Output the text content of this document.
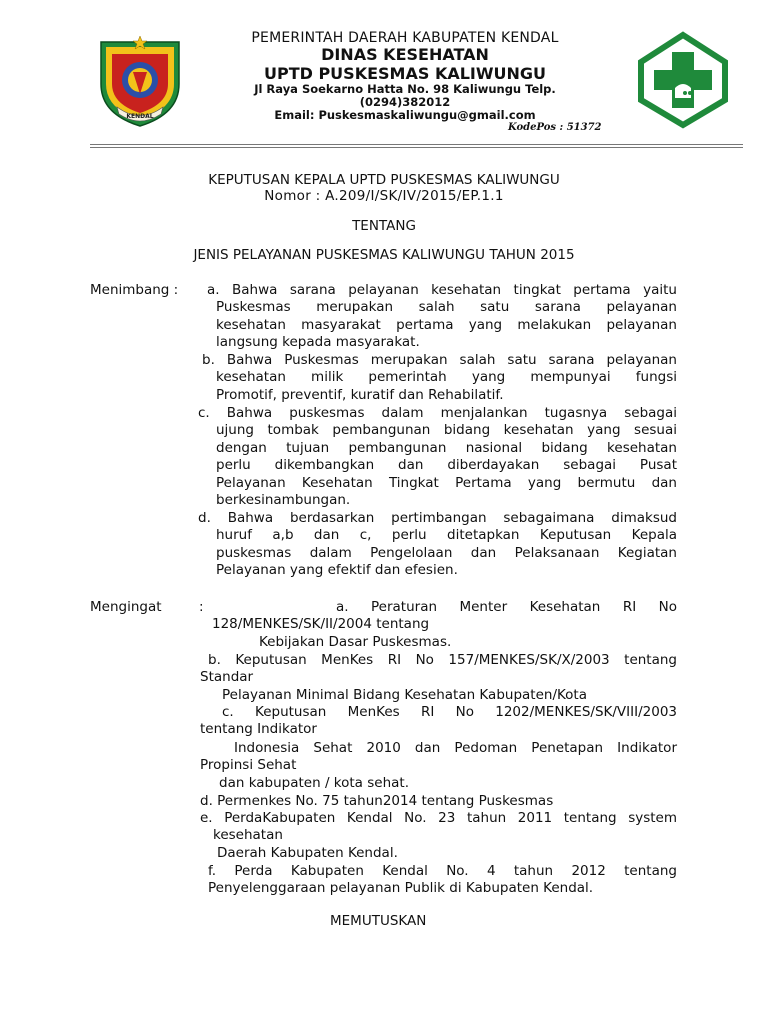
KENDAL
PEMERINTAH DAERAH KABUPATEN KENDAL
DINAS KESEHATAN
UPTD PUSKESMAS KALIWUNGU
Jl Raya Soekarno Hatta No. 98 Kaliwungu Telp.
(0294)382012
Email: Puskesmaskaliwungu@gmail.com
KodePos : 51372
KEPUTUSAN KEPALA UPTD PUSKESMAS KALIWUNGU
Nomor : A.209/I/SK/IV/2015/EP.1.1
TENTANG
JENIS PELAYANAN PUSKESMAS KALIWUNGU TAHUN 2015
Menimbang : a. Bahwa sarana pelayanan kesehatan tingkat pertama yaitu

Puskesmas merupakan salah satu sarana pelayanan

kesehatan masyarakat pertama yang melakukan pelayanan

langsung kepada masyarakat.

b. Bahwa Puskesmas merupakan salah satu sarana pelayanan

kesehatan milik pemerintah yang mempunyai fungsi

Promotif, preventif, kuratif dan Rehabilatif.

c. Bahwa puskesmas dalam menjalankan tugasnya sebagai

ujung tombak pembangunan bidang kesehatan yang sesuai

dengan tujuan pembangunan nasional bidang kesehatan

perlu dikembangkan dan diberdayakan sebagai Pusat

Pelayanan Kesehatan Tingkat Pertama yang bermutu dan

berkesinambungan.

d. Bahwa berdasarkan pertimbangan sebagaimana dimaksud

huruf a,b dan c, perlu ditetapkan Keputusan Kepala

puskesmas dalam Pengelolaan dan Pelaksanaan Kegiatan

Pelayanan yang efektif dan efesien.

Mengingat	:	a. Peraturan Menter Kesehatan RI No

128/MENKES/SK/II/2004 tentang

Kebijakan Dasar Puskesmas.

b. Keputusan MenKes RI No 157/MENKES/SK/X/2003 tentang

Standar

Pelayanan Minimal Bidang Kesehatan Kabupaten/Kota

c. Keputusan MenKes RI No 1202/MENKES/SK/VIII/2003

tentang Indikator

Indonesia Sehat 2010 dan Pedoman Penetapan Indikator

Propinsi Sehat

dan kabupaten / kota sehat.

d. Permenkes No. 75 tahun2014 tentang Puskesmas

e. PerdaKabupaten Kendal No. 23 tahun 2011 tentang system

kesehatan

Daerah Kabupaten Kendal.

f. Perda Kabupaten Kendal No. 4 tahun 2012 tentang

Penyelenggaraan pelayanan Publik di Kabupaten Kendal.

MEMUTUSKAN
